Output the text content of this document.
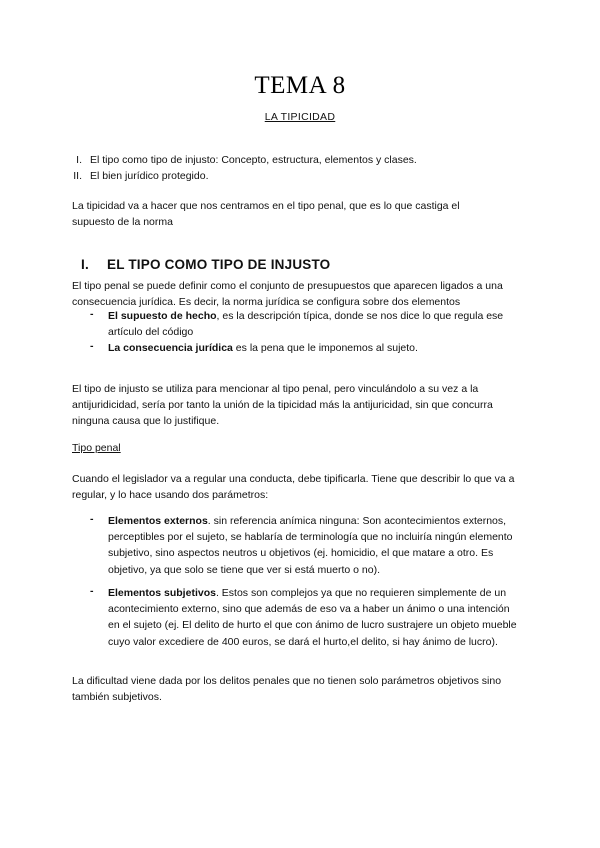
TEMA 8
LA TIPICIDAD
I. El tipo como tipo de injusto: Concepto, estructura, elementos y clases.
II. El bien jurídico protegido.
La tipicidad va a hacer que nos centramos en el tipo penal, que es lo que castiga el supuesto de la norma
I. EL TIPO COMO TIPO DE INJUSTO
El tipo penal se puede definir como el conjunto de presupuestos que aparecen ligados a una consecuencia jurídica. Es decir, la norma jurídica se configura sobre dos elementos
- El supuesto de hecho, es la descripción típica, donde se nos dice lo que regula ese artículo del código
- La consecuencia jurídica es la pena que le imponemos al sujeto.
El tipo de injusto se utiliza para mencionar al tipo penal, pero vinculándolo a su vez a la antijuridicidad, sería por tanto la unión de la tipicidad más la antijuricidad, sin que concurra ninguna causa que lo justifique.
Tipo penal
Cuando el legislador va a regular una conducta, debe tipificarla. Tiene que describir lo que va a regular, y lo hace usando dos parámetros:
- Elementos externos. sin referencia anímica ninguna: Son acontecimientos externos, perceptibles por el sujeto, se hablaría de terminología que no incluiría ningún elemento subjetivo, sino aspectos neutros u objetivos (ej. homicidio, el que matare a otro. Es objetivo, ya que solo se tiene que ver si está muerto o no).
- Elementos subjetivos. Estos son complejos ya que no requieren simplemente de un acontecimiento externo, sino que además de eso va a haber un ánimo o una intención en el sujeto (ej. El delito de hurto el que con ánimo de lucro sustrajere un objeto mueble cuyo valor excediere de 400 euros, se dará el hurto,el delito, si hay ánimo de lucro).
La dificultad viene dada por los delitos penales que no tienen solo parámetros objetivos sino también subjetivos.
